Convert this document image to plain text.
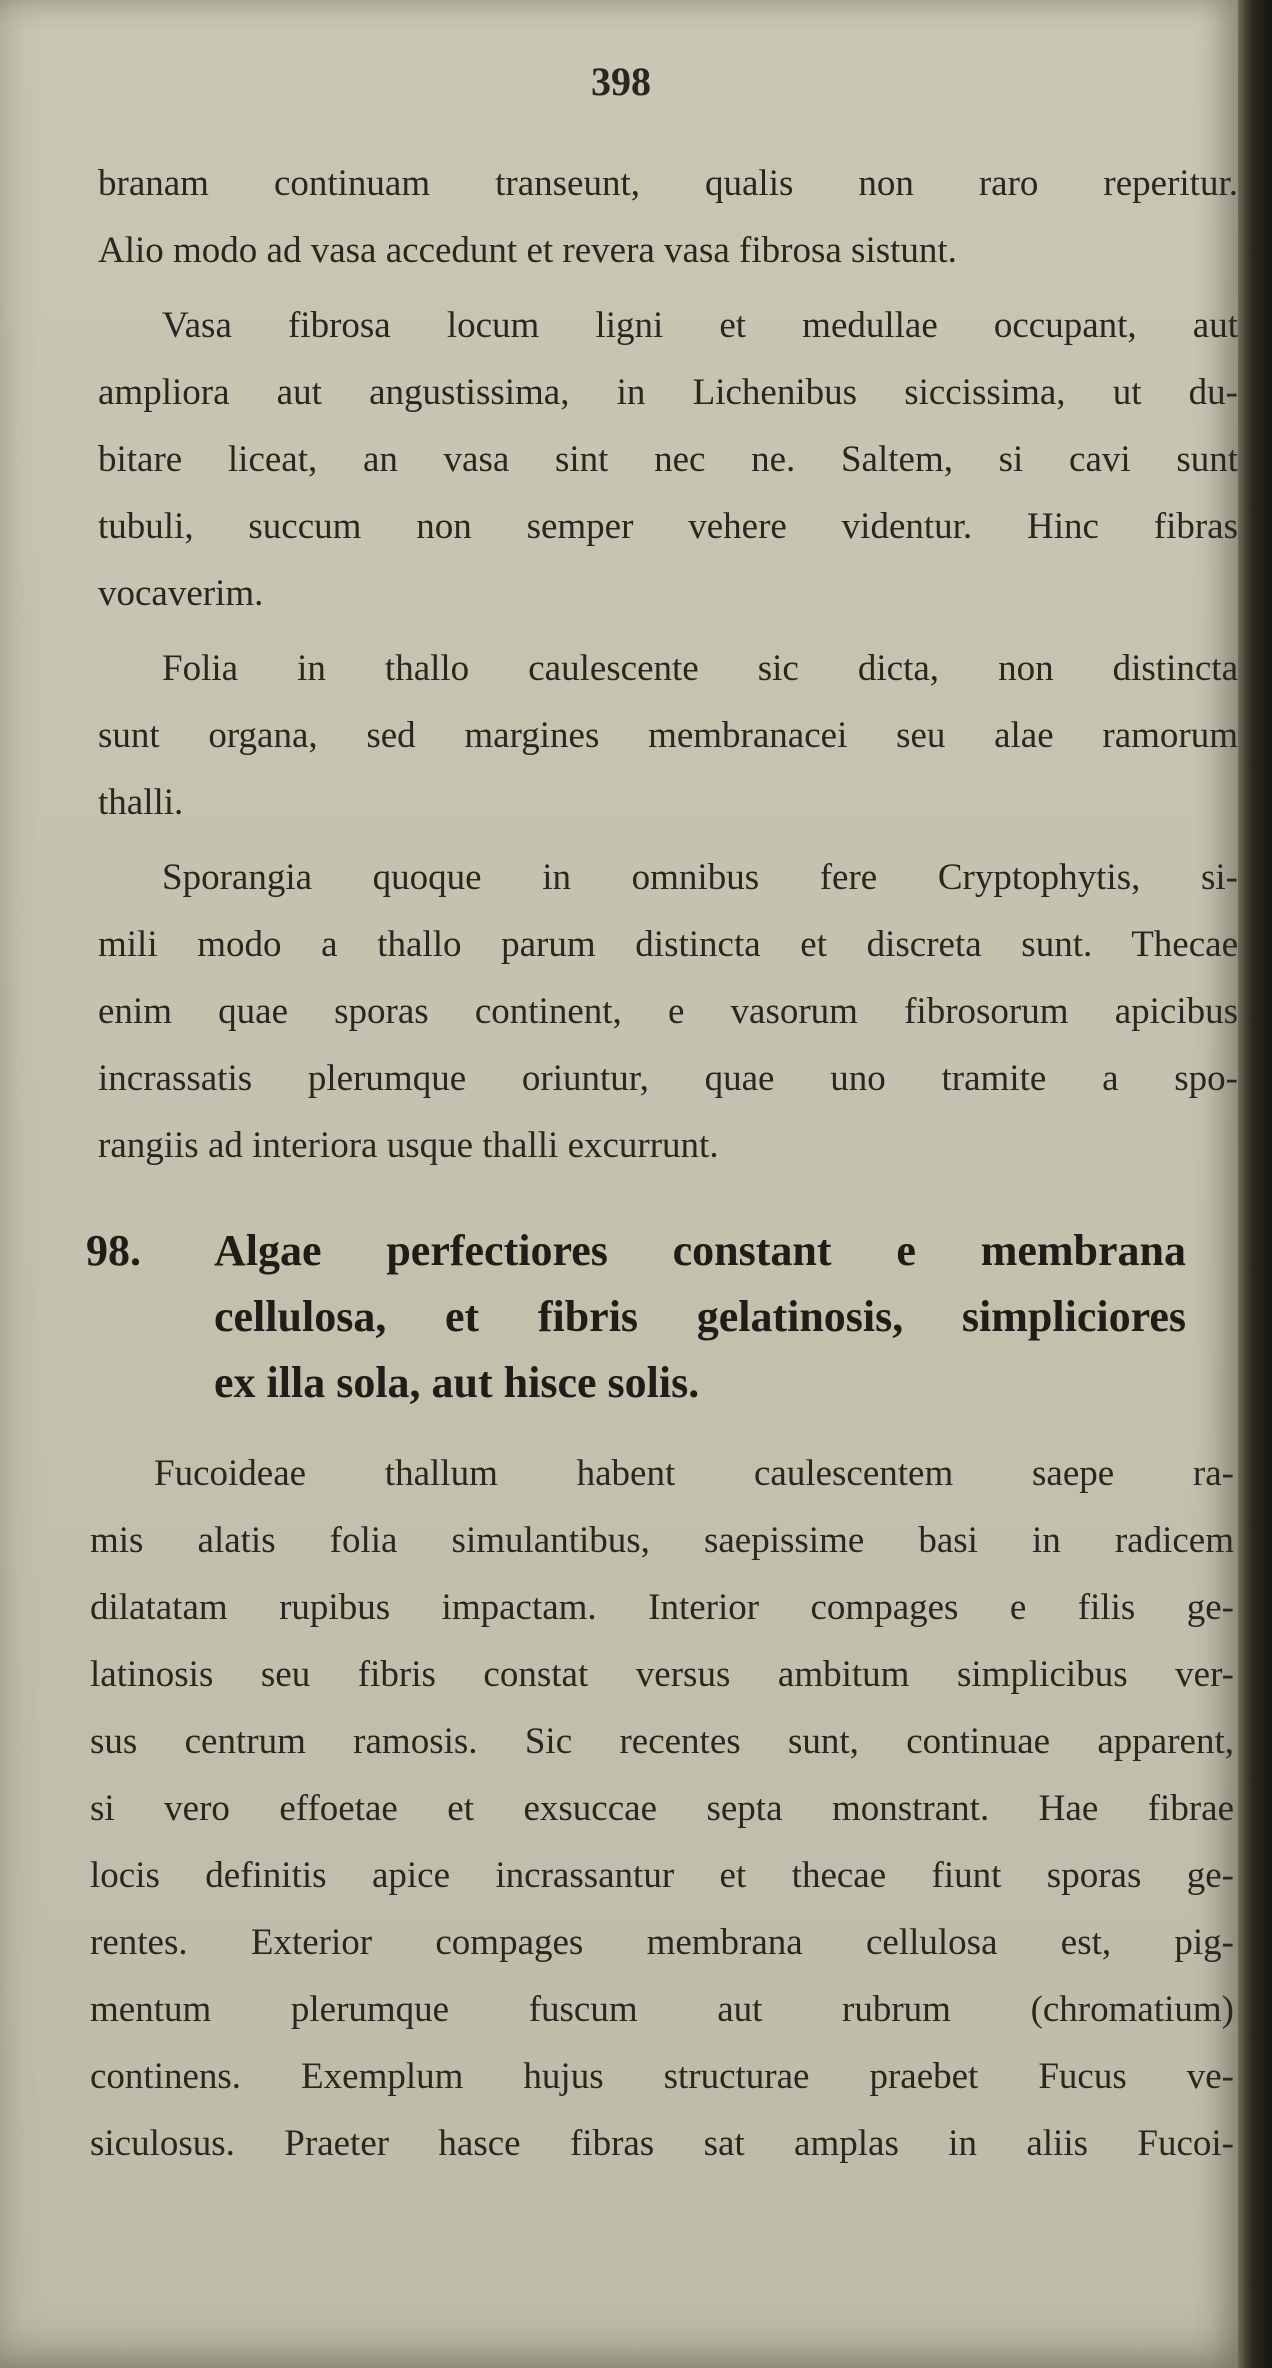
398
branam continuam transeunt, qualis non raro reperitur.
Alio modo ad vasa accedunt et revera vasa fibrosa sistunt.
Vasa fibrosa locum ligni et medullae occupant, aut
ampliora aut angustissima, in Lichenibus siccissima, ut du-
bitare liceat, an vasa sint nec ne. Saltem, si cavi sunt
tubuli, succum non semper vehere videntur. Hinc fibras
vocaverim.
Folia in thallo caulescente sic dicta, non distincta
sunt organa, sed margines membranacei seu alae ramorum
thalli.
Sporangia quoque in omnibus fere Cryptophytis, si-
mili modo a thallo parum distincta et discreta sunt. Thecae
enim quae sporas continent, e vasorum fibrosorum apicibus
incrassatis plerumque oriuntur, quae uno tramite a spo-
rangiis ad interiora usque thalli excurrunt.
98. Algae perfectiores constant e membrana
cellulosa, et fibris gelatinosis, simpliciores
ex illa sola, aut hisce solis.
Fucoideae thallum habent caulescentem saepe ra-
mis alatis folia simulantibus, saepissime basi in radicem
dilatatam rupibus impactam. Interior compages e filis ge-
latinosis seu fibris constat versus ambitum simplicibus ver-
sus centrum ramosis. Sic recentes sunt, continuae apparent,
si vero effoetae et exsuccae septa monstrant. Hae fibrae
locis definitis apice incrassantur et thecae fiunt sporas ge-
rentes. Exterior compages membrana cellulosa est, pig-
mentum plerumque fuscum aut rubrum (chromatium)
continens. Exemplum hujus structurae praebet Fucus ve-
siculosus. Praeter hasce fibras sat amplas in aliis Fucoi-
